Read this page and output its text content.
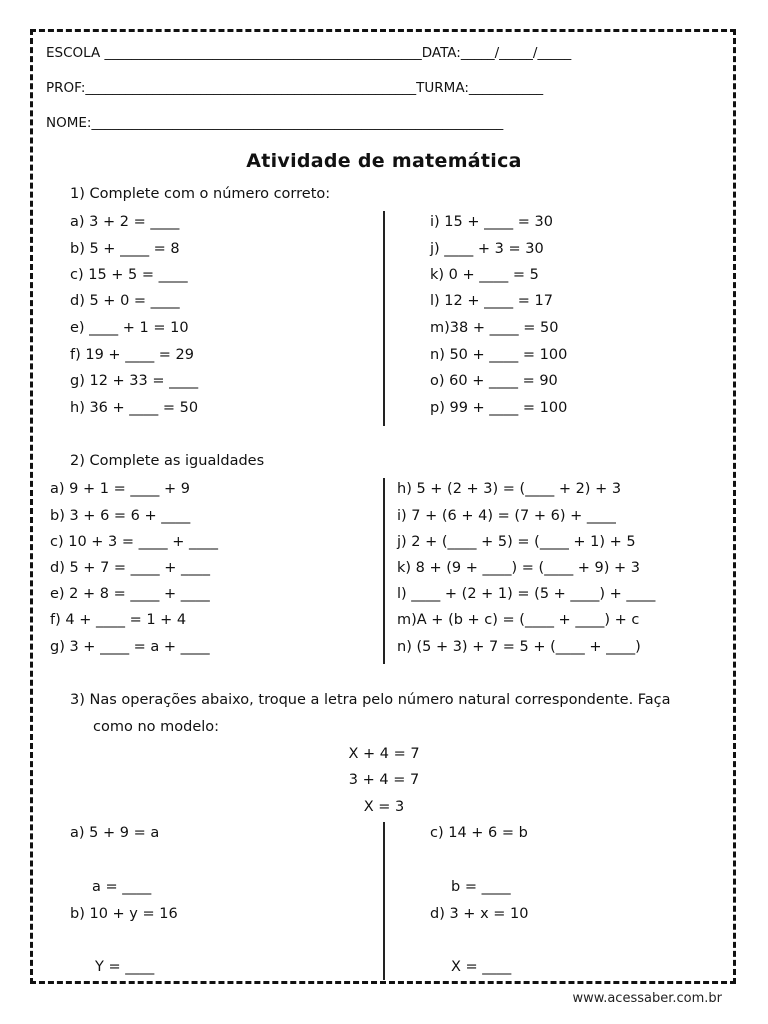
ESCOLA _______________________________________________DATA:_____/_____/_____
PROF:_________________________________________________TURMA:___________
NOME:_____________________________________________________________
Atividade de matemática
1) Complete com o número correto:
a) 3 + 2 = ____
b) 5 + ____ = 8
c) 15 + 5 = ____
d) 5 + 0 = ____
e) ____ + 1 = 10
f) 19 + ____ = 29
g) 12 + 33 = ____
h) 36 + ____ = 50
i) 15 + ____ = 30
j) ____ + 3 = 30
k) 0 + ____ = 5
l) 12 + ____ = 17
m)38 + ____ = 50
n) 50 + ____ = 100
o) 60 + ____ = 90
p) 99 + ____ = 100
2) Complete as igualdades
a) 9 + 1 = ____ + 9
b) 3 + 6 = 6 + ____
c) 10 + 3 = ____ + ____
d) 5 + 7 = ____ + ____
e) 2 + 8 = ____ + ____
f) 4 + ____ = 1 + 4
g) 3 + ____ = a + ____
h) 5 + (2 + 3) = (____ + 2) + 3
i) 7 + (6 + 4) = (7 + 6) + ____
j) 2 + (____ + 5) = (____ + 1) + 5
k) 8 + (9 + ____) = (____ + 9) + 3
l) ____ + (2 + 1) = (5 + ____) + ____
m)A + (b + c) = (____ + ____) + c
n) (5 + 3) + 7 = 5 + (____ + ____)
3) Nas operações abaixo, troque a letra pelo número natural correspondente. Faça
como no modelo:
X + 4 = 7
3 + 4 = 7
X = 3
a) 5 + 9 = a
a = ____
b) 10 + y = 16
Y = ____
c) 14 + 6 = b
b = ____
d) 3 + x = 10
X = ____
www.acessaber.com.br
